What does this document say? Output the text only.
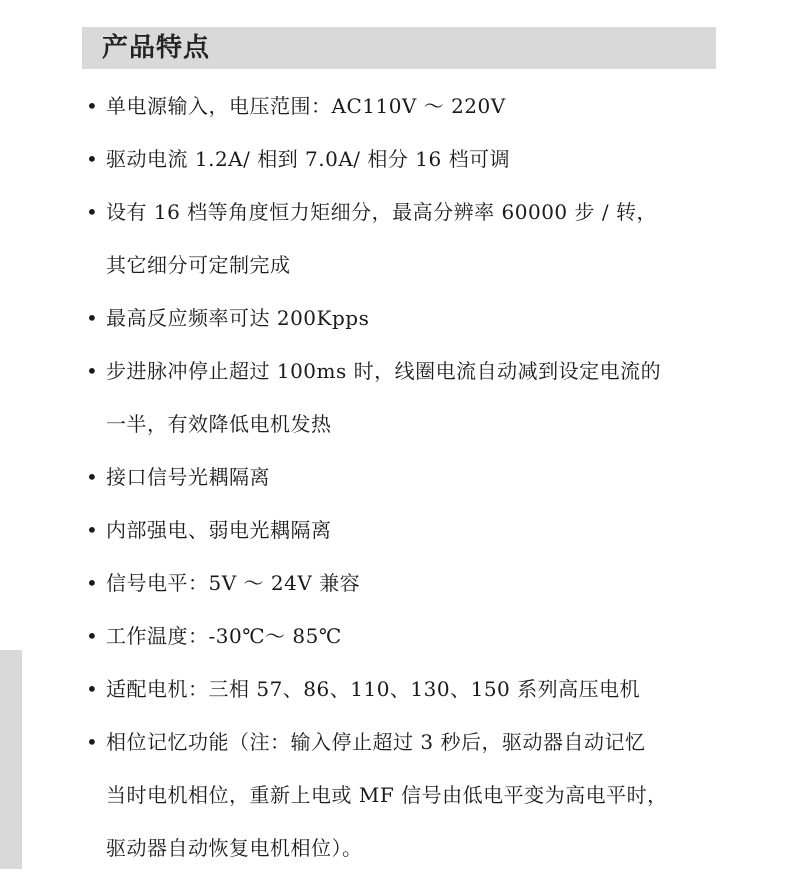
产品特点
• 单电源输入，电压范围：AC110V ～ 220V
• 驱动电流 1.2A/ 相到 7.0A/ 相分 16 档可调
• 设有 16 档等角度恒力矩细分，最高分辨率 60000 步 / 转，
其它细分可定制完成
• 最高反应频率可达 200Kpps
• 步进脉冲停止超过 100ms 时，线圈电流自动减到设定电流的
一半，有效降低电机发热
• 接口信号光耦隔离
• 内部强电、弱电光耦隔离
• 信号电平：5V ～ 24V 兼容
• 工作温度：-30℃～ 85℃
• 适配电机：三相 57、86、110、130、150 系列高压电机
• 相位记忆功能（注：输入停止超过 3 秒后，驱动器自动记忆
当时电机相位，重新上电或 MF 信号由低电平变为高电平时，
驱动器自动恢复电机相位）。
